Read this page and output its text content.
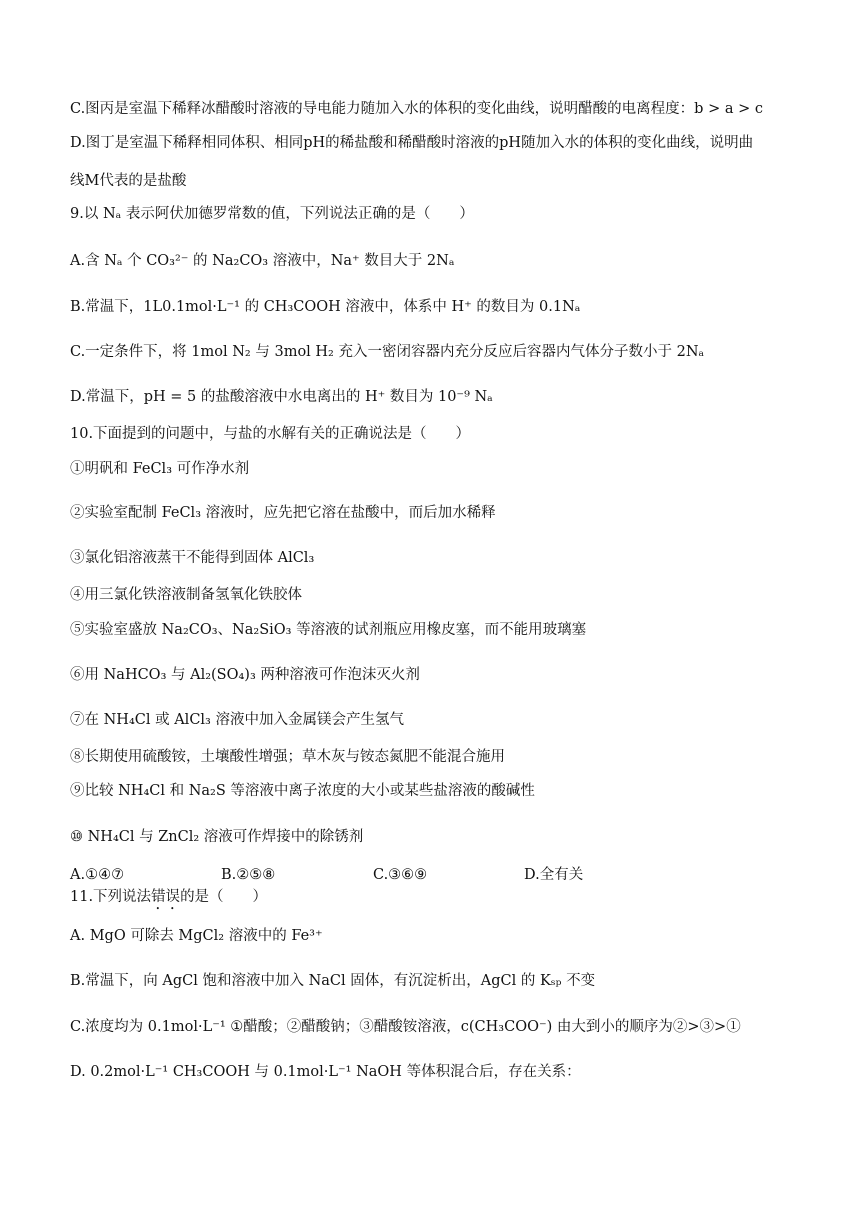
C.图丙是室温下稀释冰醋酸时溶液的导电能力随加入水的体积的变化曲线，说明醋酸的电离程度：b > a > c
D.图丁是室温下稀释相同体积、相同pH的稀盐酸和稀醋酸时溶液的pH随加入水的体积的变化曲线，说明曲
线M代表的是盐酸
9.以 Nₐ 表示阿伏加德罗常数的值，下列说法正确的是（　　）
A.含 Nₐ 个 CO₃²⁻ 的 Na₂CO₃ 溶液中，Na⁺ 数目大于 2Nₐ
B.常温下，1L0.1mol·L⁻¹ 的 CH₃COOH 溶液中，体系中 H⁺ 的数目为 0.1Nₐ
C.一定条件下，将 1mol N₂ 与 3mol H₂ 充入一密闭容器内充分反应后容器内气体分子数小于 2Nₐ
D.常温下，pH = 5 的盐酸溶液中水电离出的 H⁺ 数目为 10⁻⁹ Nₐ
10.下面提到的问题中，与盐的水解有关的正确说法是（　　）
①明矾和 FeCl₃ 可作净水剂
②实验室配制 FeCl₃ 溶液时，应先把它溶在盐酸中，而后加水稀释
③氯化铝溶液蒸干不能得到固体 AlCl₃
④用三氯化铁溶液制备氢氧化铁胶体
⑤实验室盛放 Na₂CO₃、Na₂SiO₃ 等溶液的试剂瓶应用橡皮塞，而不能用玻璃塞
⑥用 NaHCO₃ 与 Al₂(SO₄)₃ 两种溶液可作泡沫灭火剂
⑦在 NH₄Cl 或 AlCl₃ 溶液中加入金属镁会产生氢气
⑧长期使用硫酸铵，土壤酸性增强；草木灰与铵态氮肥不能混合施用
⑨比较 NH₄Cl 和 Na₂S 等溶液中离子浓度的大小或某些盐溶液的酸碱性
⑩ NH₄Cl 与 ZnCl₂ 溶液可作焊接中的除锈剂
A.①④⑦	B.②⑤⑧	C.③⑥⑨	D.全有关
11.下列说法错误的是（　　）
A. MgO 可除去 MgCl₂ 溶液中的 Fe³⁺
B.常温下，向 AgCl 饱和溶液中加入 NaCl 固体，有沉淀析出，AgCl 的 Kₛₚ 不变
C.浓度均为 0.1mol·L⁻¹ ①醋酸；②醋酸钠；③醋酸铵溶液，c(CH₃COO⁻) 由大到小的顺序为②>③>①
D. 0.2mol·L⁻¹ CH₃COOH 与 0.1mol·L⁻¹ NaOH 等体积混合后，存在关系：
